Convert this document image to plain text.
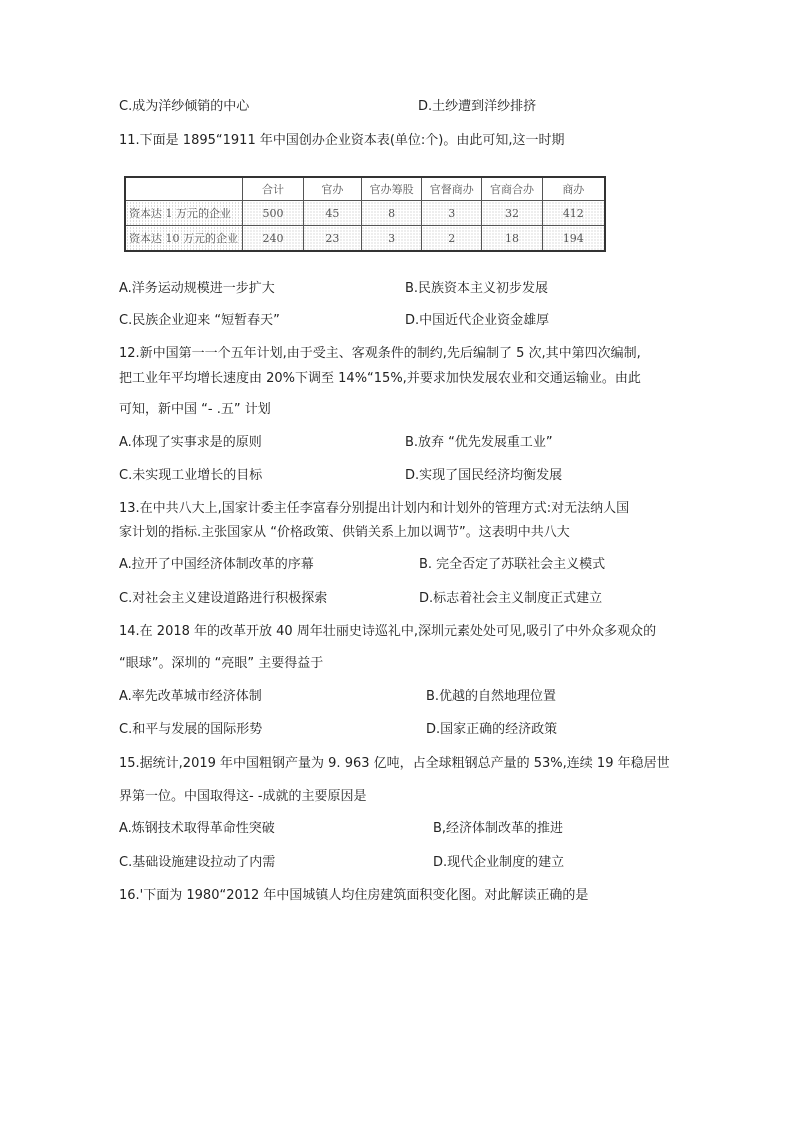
C.成为洋纱倾销的中心	D.土纱遭到洋纱排挤
11.下面是 1895“1911 年中国创办企业资本表(单位:个)。由此可知,这一时期
	合计	官办	官办筹股	官督商办	官商合办	商办
资本达 1 万元的企业	500	45	8	3	32	412
资本达 10 万元的企业	240	23	3	2	18	194
A.洋务运动规模进一步扩大	B.民族资本主义初步发展
C.民族企业迎来 “短暂春天”	D.中国近代企业资金雄厚
12.新中国第一一个五年计划,由于受主、客观条件的制约,先后编制了 5 次,其中第四次编制,
把工业年平均增长速度由 20%下调至 14%“15%,并要求加快发展农业和交通运输业。由此
可知，新中国 “- .五” 计划
A.体现了实事求是的原则	B.放弃 “优先发展重工业”
C.未实现工业增长的目标	D.实现了国民经济均衡发展
13.在中共八大上,国家计委主任李富春分别提出计划内和计划外的管理方式:对无法纳人国
家计划的指标.主张国家从 “价格政策、供销关系上加以调节”。这表明中共八大
A.拉开了中国经济体制改革的序幕	B. 完全否定了苏联社会主义模式
C.对社会主义建设道路进行积极探索	D.标志着社会主义制度正式建立
14.在 2018 年的改革开放 40 周年壮丽史诗巡礼中,深圳元素处处可见,吸引了中外众多观众的
“眼球”。深圳的 “亮眼” 主要得益于
A.率先改革城市经济体制	B.优越的自然地理位置
C.和平与发展的国际形势	D.国家正确的经济政策
15.据统计,2019 年中国粗钢产量为 9. 963 亿吨，占全球粗钢总产量的 53%,连续 19 年稳居世
界第一位。中国取得这- -成就的主要原因是
A.炼钢技术取得革命性突破	B,经济体制改革的推进
C.基础设施建设拉动了内需	D.现代企业制度的建立
16.'下面为 1980“2012 年中国城镇人均住房建筑面积变化图。对此解读正确的是
